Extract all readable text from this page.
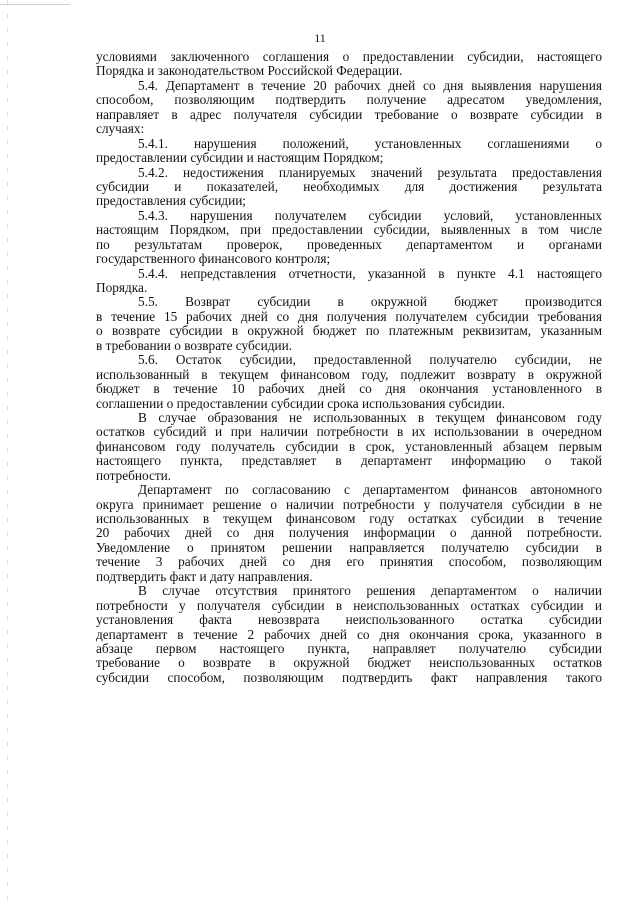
11
условиями заключенного соглашения о предоставлении субсидии, настоящего
Порядка и законодательством Российской Федерации.
5.4. Департамент в течение 20 рабочих дней со дня выявления нарушения
способом, позволяющим подтвердить получение адресатом уведомления,
направляет в адрес получателя субсидии требование о возврате субсидии в
случаях:
5.4.1. нарушения положений, установленных соглашениями о
предоставлении субсидии и настоящим Порядком;
5.4.2. недостижения планируемых значений результата предоставления
субсидии и показателей, необходимых для достижения результата
предоставления субсидии;
5.4.3. нарушения получателем субсидии условий, установленных
настоящим Порядком, при предоставлении субсидии, выявленных в том числе
по результатам проверок, проведенных департаментом и органами
государственного финансового контроля;
5.4.4. непредставления отчетности, указанной в пункте 4.1 настоящего
Порядка.
5.5. Возврат субсидии в окружной бюджет производится
в течение 15 рабочих дней со дня получения получателем субсидии требования
о возврате субсидии в окружной бюджет по платежным реквизитам, указанным
в требовании о возврате субсидии.
5.6. Остаток субсидии, предоставленной получателю субсидии, не
использованный в текущем финансовом году, подлежит возврату в окружной
бюджет в течение 10 рабочих дней со дня окончания установленного в
соглашении о предоставлении субсидии срока использования субсидии.
В случае образования не использованных в текущем финансовом году
остатков субсидий и при наличии потребности в их использовании в очередном
финансовом году получатель субсидии в срок, установленный абзацем первым
настоящего пункта, представляет в департамент информацию о такой
потребности.
Департамент по согласованию с департаментом финансов автономного
округа принимает решение о наличии потребности у получателя субсидии в не
использованных в текущем финансовом году остатках субсидии в течение
20 рабочих дней со дня получения информации о данной потребности.
Уведомление о принятом решении направляется получателю субсидии в
течение 3 рабочих дней со дня его принятия способом, позволяющим
подтвердить факт и дату направления.
В случае отсутствия принятого решения департаментом о наличии
потребности у получателя субсидии в неиспользованных остатках субсидии и
установления факта невозврата неиспользованного остатка субсидии
департамент в течение 2 рабочих дней со дня окончания срока, указанного в
абзаце первом настоящего пункта, направляет получателю субсидии
требование о возврате в окружной бюджет неиспользованных остатков
субсидии способом, позволяющим подтвердить факт направления такого
